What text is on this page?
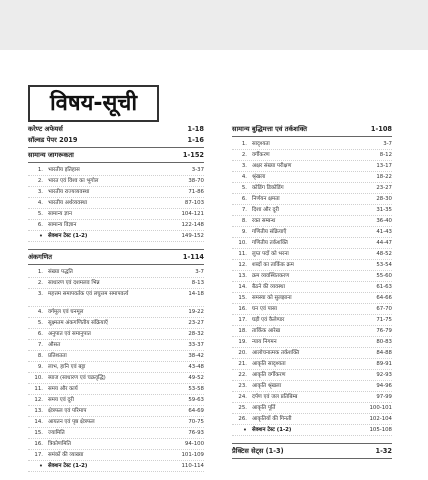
विषय-सूची
करेण्ट अफेयर्स	1-18
सॉल्वड पेपर 2019	1-16
सामान्य जागरूकता	1-152
1. भारतीय इतिहास	3-37
2. भारत एवं विश्व का भूगोल	38-70
3. भारतीय राज्यव्यवस्था	71-86
4. भारतीय अर्थव्यवस्था	87-103
5. सामान्य ज्ञान	104-121
6. सामान्य विज्ञान	122-148
• सेक्शन टेस्ट (1-2)	149-152
अंकगणित	1-114
1. संख्या पद्धति	3-7
2. साधारण एवं दशमलव भिन्न	8-13
3. महत्तम समापवर्तक एवं लघुत्तम समापवर्त्य	14-18
4. वर्गमूल एवं घनमूल	19-22
5. सूक्ष्मतम अंकगणितीय संक्रियाएँ	23-27
6. अनुपात एवं समानुपात	28-32
7. औसत	33-37
8. प्रतिशतता	38-42
9. लाभ, हानि एवं बट्टा	43-48
10. ब्याज (साधारण एवं चक्रवृद्धि)	49-52
11. समय और कार्य	53-58
12. समय एवं दूरी	59-63
13. क्षेत्रफल एवं परिमाप	64-69
14. आयतन एवं पृष्ठ क्षेत्रफल	70-75
15. ज्यामिति	76-93
16. त्रिकोणमिति	94-100
17. समंकों की व्याख्या	101-109
• सेक्शन टेस्ट (1-2)	110-114
सामान्य बुद्धिमत्ता एवं तर्कशक्ति	1-108
1. सादृश्यता	3-7
2. वर्गीकरण	8-12
3. अक्षर संख्या परीक्षण	13-17
4. श्रृंखला	18-22
5. कोडिंग डिकोडिंग	23-27
6. निर्णयन क्षमता	28-30
7. दिशा और दूरी	31-35
8. रक्त सम्बन्ध	36-40
9. गणितीय संक्रियाएँ	41-43
10. गणितीय तर्कशक्ति	44-47
11. लुप्त पदों को भरना	48-52
12. शब्दों का तार्किक क्रम	53-54
13. क्रम व्यवस्थितकरण	55-60
14. बैठने की व्यवस्था	61-63
15. समस्या को सुलझाना	64-66
16. घन एवं पासा	67-70
17. घड़ी एवं कैलेण्डर	71-75
18. तार्किक आरेख	76-79
19. न्याय निगमन	80-83
20. आलोचनात्मक तर्कशक्ति	84-88
21. आकृति सादृश्यता	89-91
22. आकृति वर्गीकरण	92-93
23. आकृति श्रृंखला	94-96
24. दर्पण एवं जल प्रतिबिम्ब	97-99
25. आकृति पूर्ति	100-101
26. आकृतियों की गिनती	102-104
• सेक्शन टेस्ट (1-2)	105-108
प्रैक्टिस सेट्स (1-3)	1-32
